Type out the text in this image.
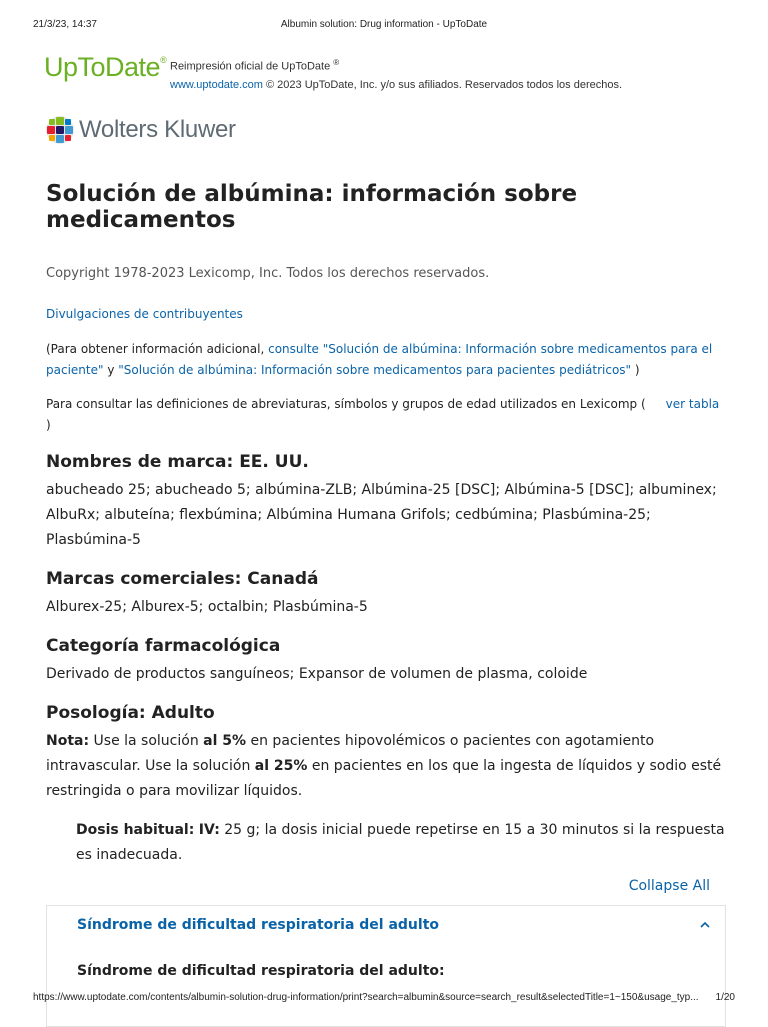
21/3/23, 14:37	Albumin solution: Drug information - UpToDate
UpToDate®
Reimpresión oficial de UpToDate ®
www.uptodate.com © 2023 UpToDate, Inc. y/o sus afiliados. Reservados todos los derechos.
Wolters Kluwer
Solución de albúmina: información sobre medicamentos

Copyright 1978-2023 Lexicomp, Inc. Todos los derechos reservados.

Divulgaciones de contribuyentes

(Para obtener información adicional, consulte "Solución de albúmina: Información sobre medicamentos para el paciente" y "Solución de albúmina: Información sobre medicamentos para pacientes pediátricos" )

Para consultar las definiciones de abreviaturas, símbolos y grupos de edad utilizados en Lexicomp ( ver tabla )

Nombres de marca: EE. UU.

abucheado 25; abucheado 5; albúmina-ZLB; Albúmina-25 [DSC]; Albúmina-5 [DSC]; albuminex; AlbuRx; albuteína; flexbúmina; Albúmina Humana Grifols; cedbúmina; Plasbúmina-25; Plasbúmina-5

Marcas comerciales: Canadá

Alburex-25; Alburex-5; octalbin; Plasbúmina-5

Categoría farmacológica

Derivado de productos sanguíneos; Expansor de volumen de plasma, coloide

Posología: Adulto

Nota: Use la solución al 5% en pacientes hipovolémicos o pacientes con agotamiento intravascular. Use la solución al 25% en pacientes en los que la ingesta de líquidos y sodio esté restringida o para movilizar líquidos.

Dosis habitual: IV: 25 g; la dosis inicial puede repetirse en 15 a 30 minutos si la respuesta es inadecuada.

Collapse All
Síndrome de dificultad respiratoria del adulto
Síndrome de dificultad respiratoria del adulto:
https://www.uptodate.com/contents/albumin-solution-drug-information/print?search=albumin&source=search_result&selectedTitle=1~150&usage_typ...	1/20
